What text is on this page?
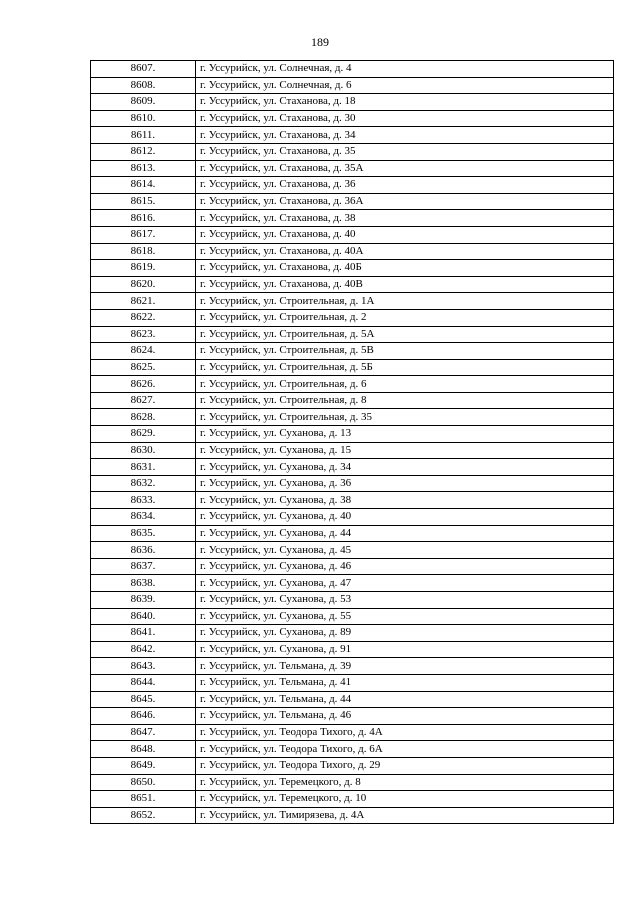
189
8607.	г. Уссурийск, ул. Солнечная, д. 4
8608.	г. Уссурийск, ул. Солнечная, д. 6
8609.	г. Уссурийск, ул. Стаханова, д. 18
8610.	г. Уссурийск, ул. Стаханова, д. 30
8611.	г. Уссурийск, ул. Стаханова, д. 34
8612.	г. Уссурийск, ул. Стаханова, д. 35
8613.	г. Уссурийск, ул. Стаханова, д. 35А
8614.	г. Уссурийск, ул. Стаханова, д. 36
8615.	г. Уссурийск, ул. Стаханова, д. 36А
8616.	г. Уссурийск, ул. Стаханова, д. 38
8617.	г. Уссурийск, ул. Стаханова, д. 40
8618.	г. Уссурийск, ул. Стаханова, д. 40А
8619.	г. Уссурийск, ул. Стаханова, д. 40Б
8620.	г. Уссурийск, ул. Стаханова, д. 40В
8621.	г. Уссурийск, ул. Строительная, д. 1А
8622.	г. Уссурийск, ул. Строительная, д. 2
8623.	г. Уссурийск, ул. Строительная, д. 5А
8624.	г. Уссурийск, ул. Строительная, д. 5В
8625.	г. Уссурийск, ул. Строительная, д. 5Б
8626.	г. Уссурийск, ул. Строительная, д. 6
8627.	г. Уссурийск, ул. Строительная, д. 8
8628.	г. Уссурийск, ул. Строительная, д. 35
8629.	г. Уссурийск, ул. Суханова, д. 13
8630.	г. Уссурийск, ул. Суханова, д. 15
8631.	г. Уссурийск, ул. Суханова, д. 34
8632.	г. Уссурийск, ул. Суханова, д. 36
8633.	г. Уссурийск, ул. Суханова, д. 38
8634.	г. Уссурийск, ул. Суханова, д. 40
8635.	г. Уссурийск, ул. Суханова, д. 44
8636.	г. Уссурийск, ул. Суханова, д. 45
8637.	г. Уссурийск, ул. Суханова, д. 46
8638.	г. Уссурийск, ул. Суханова, д. 47
8639.	г. Уссурийск, ул. Суханова, д. 53
8640.	г. Уссурийск, ул. Суханова, д. 55
8641.	г. Уссурийск, ул. Суханова, д. 89
8642.	г. Уссурийск, ул. Суханова, д. 91
8643.	г. Уссурийск, ул. Тельмана, д. 39
8644.	г. Уссурийск, ул. Тельмана, д. 41
8645.	г. Уссурийск, ул. Тельмана, д. 44
8646.	г. Уссурийск, ул. Тельмана, д. 46
8647.	г. Уссурийск, ул. Теодора Тихого, д. 4А
8648.	г. Уссурийск, ул. Теодора Тихого, д. 6А
8649.	г. Уссурийск, ул. Теодора Тихого, д. 29
8650.	г. Уссурийск, ул. Теремецкого, д. 8
8651.	г. Уссурийск, ул. Теремецкого, д. 10
8652.	г. Уссурийск, ул. Тимирязева, д. 4А
